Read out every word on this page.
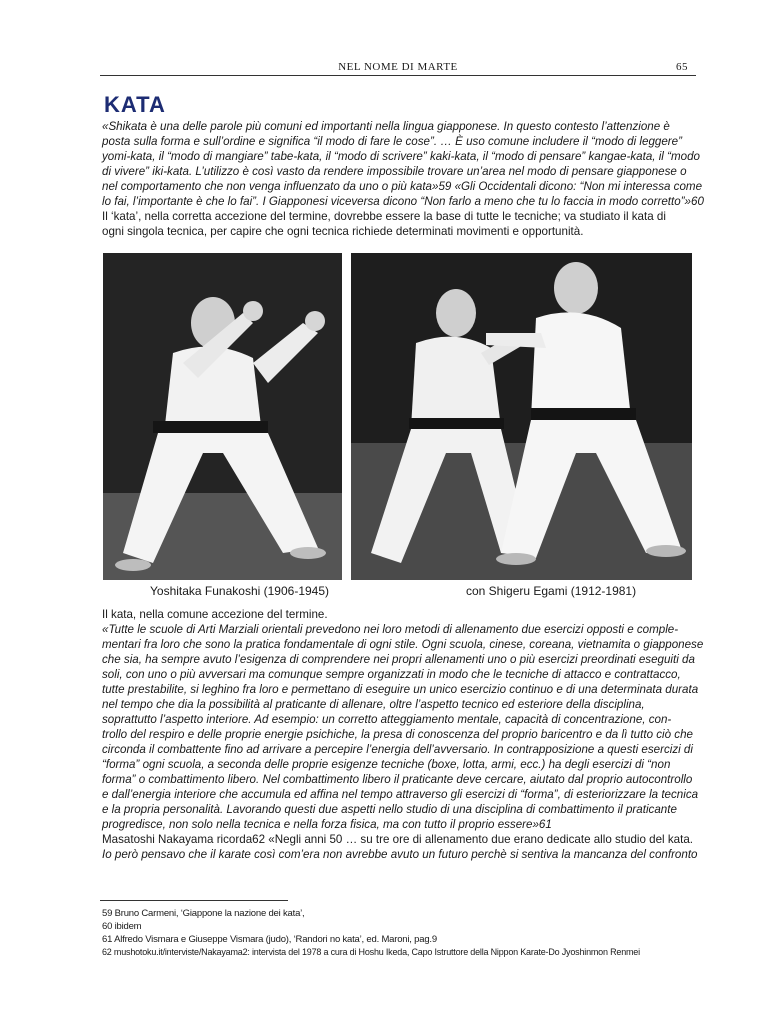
NEL NOME DI MARTE	65
KATA

«Shikata è una delle parole più comuni ed importanti nella lingua giapponese. In questo contesto l’attenzione è
posta sulla forma e sull’ordine e significa “il modo di fare le cose”. … È uso comune includere il “modo di leggere”
yomi-kata, il “modo di mangiare” tabe-kata, il “modo di scrivere” kaki-kata, il “modo di pensare” kangae-kata, il “modo
di vivere” iki-kata. L’utilizzo è così vasto da rendere impossibile trovare un’area nel modo di pensare giapponese o
nel comportamento che non venga influenzato da uno o più kata»59 «Gli Occidentali dicono: “Non mi interessa come
lo fai, l’importante è che lo fai”. I Giapponesi viceversa dicono “Non farlo a meno che tu lo faccia in modo corretto”»60
Il ‘kata’, nella corretta accezione del termine, dovrebbe essere la base di tutte le tecniche; va studiato il kata di
ogni singola tecnica, per capire che ogni tecnica richiede determinati movimenti e opportunità.

Yoshitaka Funakoshi (1906-1945)	con Shigeru Egami (1912-1981)

Il kata, nella comune accezione del termine.
«Tutte le scuole di Arti Marziali orientali prevedono nei loro metodi di allenamento due esercizi opposti e comple-
mentari fra loro che sono la pratica fondamentale di ogni stile. Ogni scuola, cinese, coreana, vietnamita o giapponese
che sia, ha sempre avuto l’esigenza di comprendere nei propri allenamenti uno o più esercizi preordinati eseguiti da
soli, con uno o più avversari ma comunque sempre organizzati in modo che le tecniche di attacco e contrattacco,
tutte prestabilite, si leghino fra loro e permettano di eseguire un unico esercizio continuo e di una determinata durata
nel tempo che dia la possibilità al praticante di allenare, oltre l’aspetto tecnico ed esteriore della disciplina,
soprattutto l’aspetto interiore. Ad esempio: un corretto atteggiamento mentale, capacità di concentrazione, con-
trollo del respiro e delle proprie energie psichiche, la presa di conoscenza del proprio baricentro e da lì tutto ciò che
circonda il combattente fino ad arrivare a percepire l’energia dell’avversario. In contrapposizione a questi esercizi di
“forma” ogni scuola, a seconda delle proprie esigenze tecniche (boxe, lotta, armi, ecc.) ha degli esercizi di “non
forma” o combattimento libero. Nel combattimento libero il praticante deve cercare, aiutato dal proprio autocontrollo
e dall’energia interiore che accumula ed affina nel tempo attraverso gli esercizi di “forma”, di esteriorizzare la tecnica
e la propria personalità. Lavorando questi due aspetti nello studio di una disciplina di combattimento il praticante
progredisce, non solo nella tecnica e nella forza fisica, ma con tutto il proprio essere»61
Masatoshi Nakayama ricorda62 «Negli anni 50 … su tre ore di allenamento due erano dedicate allo studio del kata.
Io però pensavo che il karate così com’era non avrebbe avuto un futuro perchè si sentiva la mancanza del confronto

59 Bruno Carmeni, ‘Giappone la nazione dei kata’,
60 ibidem
61 Alfredo Vismara e Giuseppe Vismara (judo), ‘Randori no kata’, ed. Maroni, pag.9
62 mushotoku.it/interviste/Nakayama2: intervista del 1978 a cura di Hoshu Ikeda, Capo Istruttore della Nippon Karate-Do Jyoshinmon Renmei
